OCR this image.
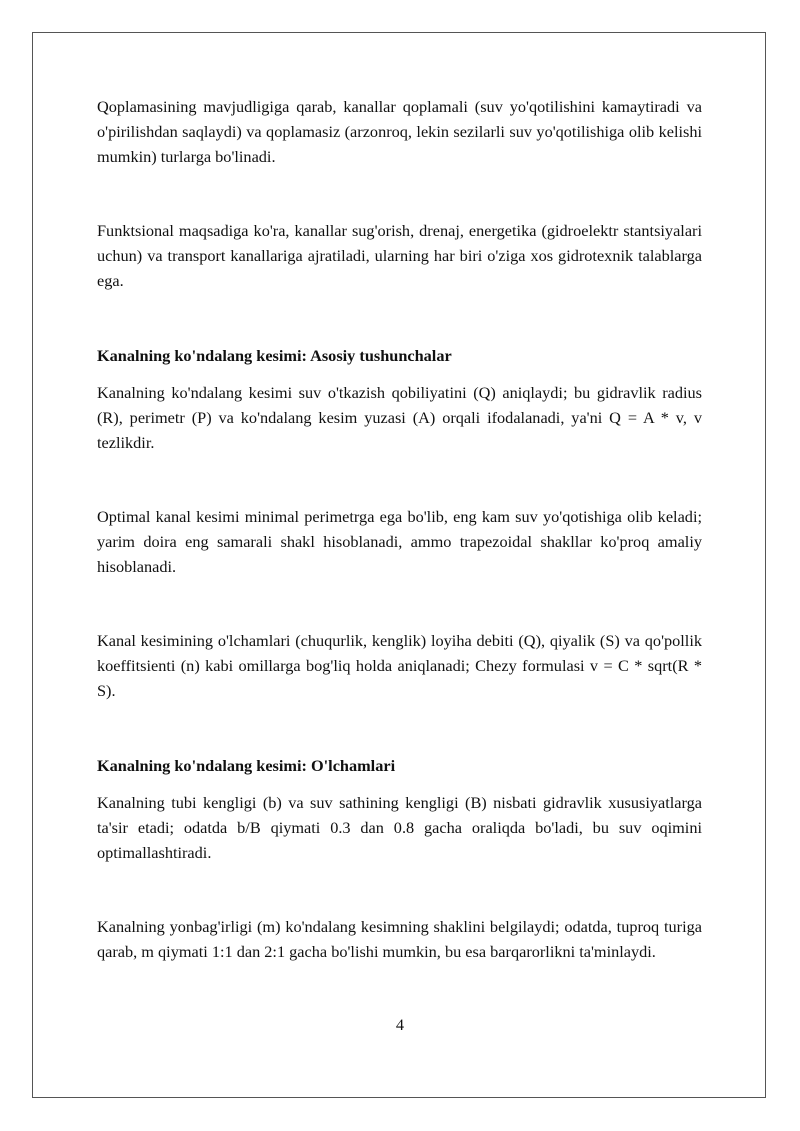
Qoplamasining mavjudligiga qarab, kanallar qoplamali (suv yo'qotilishini kamaytiradi va o'pirilishdan saqlaydi) va qoplamasiz (arzonroq, lekin sezilarli suv yo'qotilishiga olib kelishi mumkin) turlarga bo'linadi.

Funktsional maqsadiga ko'ra, kanallar sug'orish, drenaj, energetika (gidroelektr stantsiyalari uchun) va transport kanallariga ajratiladi, ularning har biri o'ziga xos gidrotexnik talablarga ega.

Kanalning ko'ndalang kesimi: Asosiy tushunchalar

Kanalning ko'ndalang kesimi suv o'tkazish qobiliyatini (Q) aniqlaydi; bu gidravlik radius (R), perimetr (P) va ko'ndalang kesim yuzasi (A) orqali ifodalanadi, ya'ni Q = A * v, v tezlikdir.

Optimal kanal kesimi minimal perimetrga ega bo'lib, eng kam suv yo'qotishiga olib keladi; yarim doira eng samarali shakl hisoblanadi, ammo trapezoidal shakllar ko'proq amaliy hisoblanadi.

Kanal kesimining o'lchamlari (chuqurlik, kenglik) loyiha debiti (Q), qiyalik (S) va qo'pollik koeffitsienti (n) kabi omillarga bog'liq holda aniqlanadi; Chezy formulasi v = C * sqrt(R * S).

Kanalning ko'ndalang kesimi: O'lchamlari

Kanalning tubi kengligi (b) va suv sathining kengligi (B) nisbati gidravlik xususiyatlarga ta'sir etadi; odatda b/B qiymati 0.3 dan 0.8 gacha oraliqda bo'ladi, bu suv oqimini optimallashtiradi.

Kanalning yonbag'irligi (m) ko'ndalang kesimning shaklini belgilaydi; odatda, tuproq turiga qarab, m qiymati 1:1 dan 2:1 gacha bo'lishi mumkin, bu esa barqarorlikni ta'minlaydi.

4
